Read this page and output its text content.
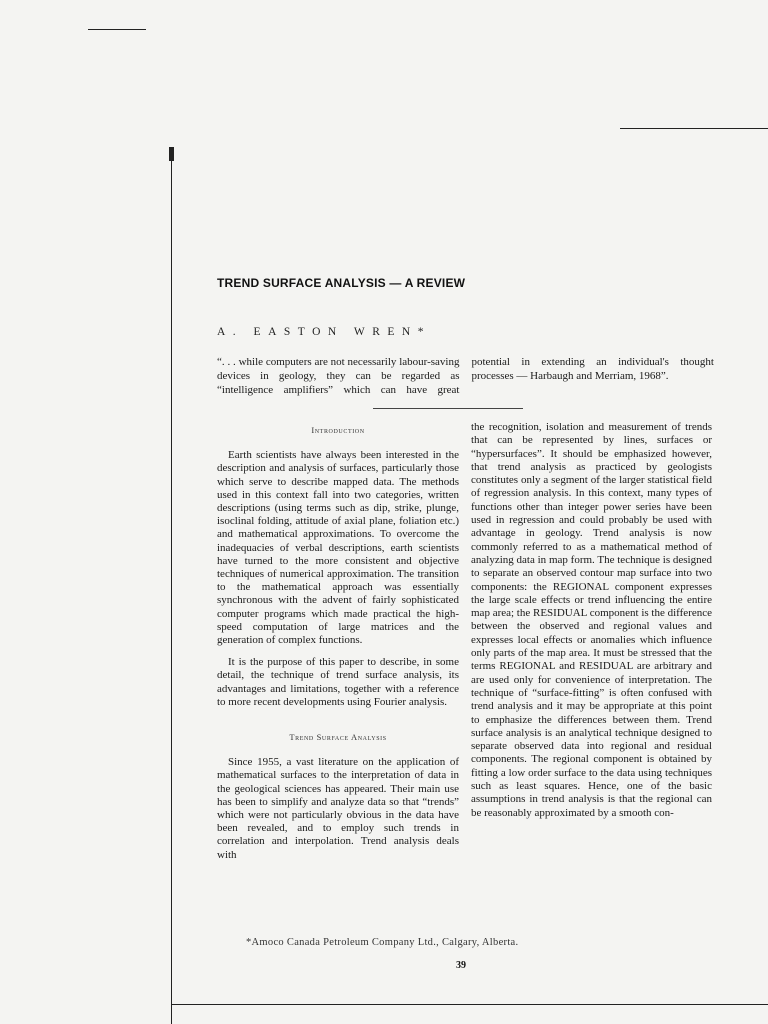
TREND SURFACE ANALYSIS — A REVIEW

A. EASTON WREN*

“. . . while computers are not necessarily labour-saving devices in geology, they can be regarded as “intelligence amplifiers” which can have great potential in extending an individual's thought processes — Harbaugh and Merriam, 1968”.

Introduction

Earth scientists have always been interested in the description and analysis of surfaces, particularly those which serve to describe mapped data. The methods used in this context fall into two categories, written descriptions (using terms such as dip, strike, plunge, isoclinal folding, attitude of axial plane, foliation etc.) and mathematical approximations. To overcome the inadequacies of verbal descriptions, earth scientists have turned to the more consistent and objective techniques of numerical approximation. The transition to the mathematical approach was essentially synchronous with the advent of fairly sophisticated computer programs which made practical the high-speed computation of large matrices and the generation of complex functions.

It is the purpose of this paper to describe, in some detail, the technique of trend surface analysis, its advantages and limitations, together with a reference to more recent developments using Fourier analysis.

Trend Surface Analysis

Since 1955, a vast literature on the application of mathematical surfaces to the interpretation of data in the geological sciences has appeared. Their main use has been to simplify and analyze data so that “trends” which were not particularly obvious in the data have been revealed, and to employ such trends in correlation and interpolation. Trend analysis deals with

the recognition, isolation and measurement of trends that can be represented by lines, surfaces or “hypersurfaces”. It should be emphasized however, that trend analysis as practiced by geologists constitutes only a segment of the larger statistical field of regression analysis. In this context, many types of functions other than integer power series have been used in regression and could probably be used with advantage in geology. Trend analysis is now commonly referred to as a mathematical method of analyzing data in map form. The technique is designed to separate an observed contour map surface into two components: the REGIONAL component expresses the large scale effects or trend influencing the entire map area; the RESIDUAL component is the difference between the observed and regional values and expresses local effects or anomalies which influence only parts of the map area. It must be stressed that the terms REGIONAL and RESIDUAL are arbitrary and are used only for convenience of interpretation. The technique of “surface-fitting” is often confused with trend analysis and it may be appropriate at this point to emphasize the differences between them. Trend surface analysis is an analytical technique designed to separate observed data into regional and residual components. The regional component is obtained by fitting a low order surface to the data using techniques such as least squares. Hence, one of the basic assumptions in trend analysis is that the regional can be reasonably approximated by a smooth con-

*Amoco Canada Petroleum Company Ltd., Calgary, Alberta.
39
